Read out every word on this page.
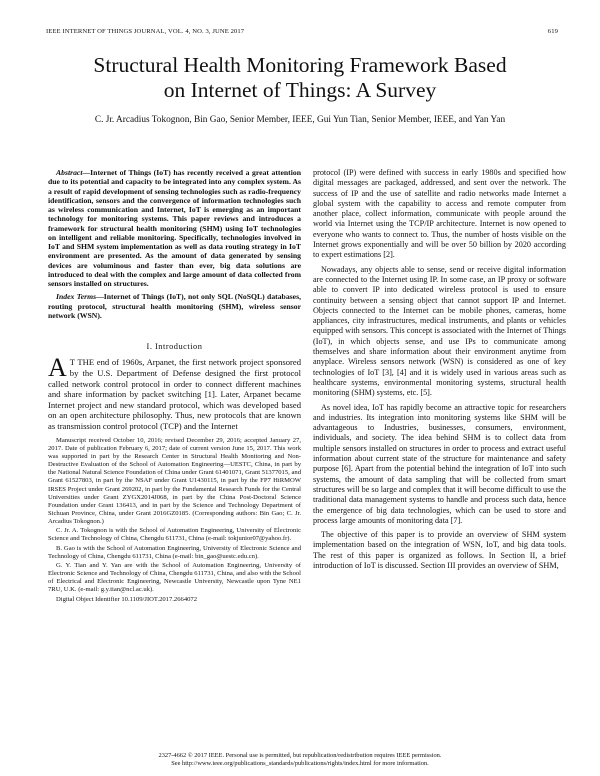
IEEE INTERNET OF THINGS JOURNAL, VOL. 4, NO. 3, JUNE 2017	619
Structural Health Monitoring Framework Based
on Internet of Things: A Survey
C. Jr. Arcadius Tokognon, Bin Gao, Senior Member, IEEE, Gui Yun Tian, Senior Member, IEEE, and Yan Yan

Abstract—Internet of Things (IoT) has recently received a great attention due to its potential and capacity to be integrated into any complex system. As a result of rapid development of sensing technologies such as radio-frequency identification, sensors and the convergence of information technologies such as wireless communication and Internet, IoT is emerging as an important technology for monitoring systems. This paper reviews and introduces a framework for structural health monitoring (SHM) using IoT technologies on intelligent and reliable monitoring. Specifically, technologies involved in IoT and SHM system implementation as well as data routing strategy in IoT environment are presented. As the amount of data generated by sensing devices are voluminous and faster than ever, big data solutions are introduced to deal with the complex and large amount of data collected from sensors installed on structures.

Index Terms—Internet of Things (IoT), not only SQL (NoSQL) databases, routing protocol, structural health monitoring (SHM), wireless sensor network (WSN).

I. Introduction

A T THE end of 1960s, Arpanet, the first network project sponsored by the U.S. Department of Defense designed the first protocol called network control protocol in order to connect different machines and share information by packet switching [1]. Later, Arpanet became Internet project and new standard protocol, which was developed based on an open architecture philosophy. Thus, new protocols that are known as transmission control protocol (TCP) and the Internet

Manuscript received October 10, 2016; revised December 29, 2016; accepted January 27, 2017. Date of publication February 6, 2017; date of current version June 15, 2017. This work was supported in part by the Research Center in Structural Health Monitoring and Non-Destructive Evaluation of the School of Automation Engineering—UESTC, China, in part by the National Natural Science Foundation of China under Grant 61401071, Grant 51377015, and Grant 61527803, in part by the NSAF under Grant U1430115, in part by the FP7 HiRMOW IRSES Project under Grant 269202, in part by the Fundamental Research Funds for the Central Universities under Grant ZYGX2014J068, in part by the China Post-Doctoral Science Foundation under Grant 136413, and in part by the Science and Technology Department of Sichuan Province, China, under Grant 2016GZ0185. (Corresponding authors: Bin Gao; C. Jr. Arcadius Tokognon.)

C. Jr. A. Tokognon is with the School of Automation Engineering, University of Electronic Science and Technology of China, Chengdu 611731, China (e-mail: tokjunior07@yahoo.fr).

B. Gao is with the School of Automation Engineering, University of Electronic Science and Technology of China, Chengdu 611731, China (e-mail: bin_gao@uestc.edu.cn).

G. Y. Tian and Y. Yan are with the School of Automation Engineering, University of Electronic Science and Technology of China, Chengdu 611731, China, and also with the School of Electrical and Electronic Engineering, Newcastle University, Newcastle upon Tyne NE1 7RU, U.K. (e-mail: g.y.tian@ncl.ac.uk).

Digital Object Identifier 10.1109/JIOT.2017.2664072

protocol (IP) were defined with success in early 1980s and specified how digital messages are packaged, addressed, and sent over the network. The success of IP and the use of satellite and radio networks made Internet a global system with the capability to access and remote computer from another place, collect information, communicate with people around the world via Internet using the TCP/IP architecture. Internet is now opened to everyone who wants to connect to. Thus, the number of hosts visible on the Internet grows exponentially and will be over 50 billion by 2020 according to expert estimations [2].

Nowadays, any objects able to sense, send or receive digital information are connected to the Internet using IP. In some case, an IP proxy or software able to convert IP into dedicated wireless protocol is used to ensure continuity between a sensing object that cannot support IP and Internet. Objects connected to the Internet can be mobile phones, cameras, home appliances, city infrastructures, medical instruments, and plants or vehicles equipped with sensors. This concept is associated with the Internet of Things (IoT), in which objects sense, and use IPs to communicate among themselves and share information about their environment anytime from anyplace. Wireless sensors network (WSN) is considered as one of key technologies of IoT [3], [4] and it is widely used in various areas such as healthcare systems, environmental monitoring systems, structural health monitoring (SHM) systems, etc. [5].

As novel idea, IoT has rapidly become an attractive topic for researchers and industries. Its integration into monitoring systems like SHM will be advantageous to Industries, businesses, consumers, environment, individuals, and society. The idea behind SHM is to collect data from multiple sensors installed on structures in order to process and extract useful information about current state of the structure for maintenance and safety purpose [6]. Apart from the potential behind the integration of IoT into such systems, the amount of data sampling that will be collected from smart structures will be so large and complex that it will become difficult to use the traditional data management systems to handle and process such data, hence the emergence of big data technologies, which can be used to store and process large amounts of monitoring data [7].

The objective of this paper is to provide an overview of SHM system implementation based on the integration of WSN, IoT, and big data tools. The rest of this paper is organized as follows. In Section II, a brief introduction of IoT is discussed. Section III provides an overview of SHM,

2327-4662 © 2017 IEEE. Personal use is permitted, but republication/redistribution requires IEEE permission.
See http://www.ieee.org/publications_standards/publications/rights/index.html for more information.
